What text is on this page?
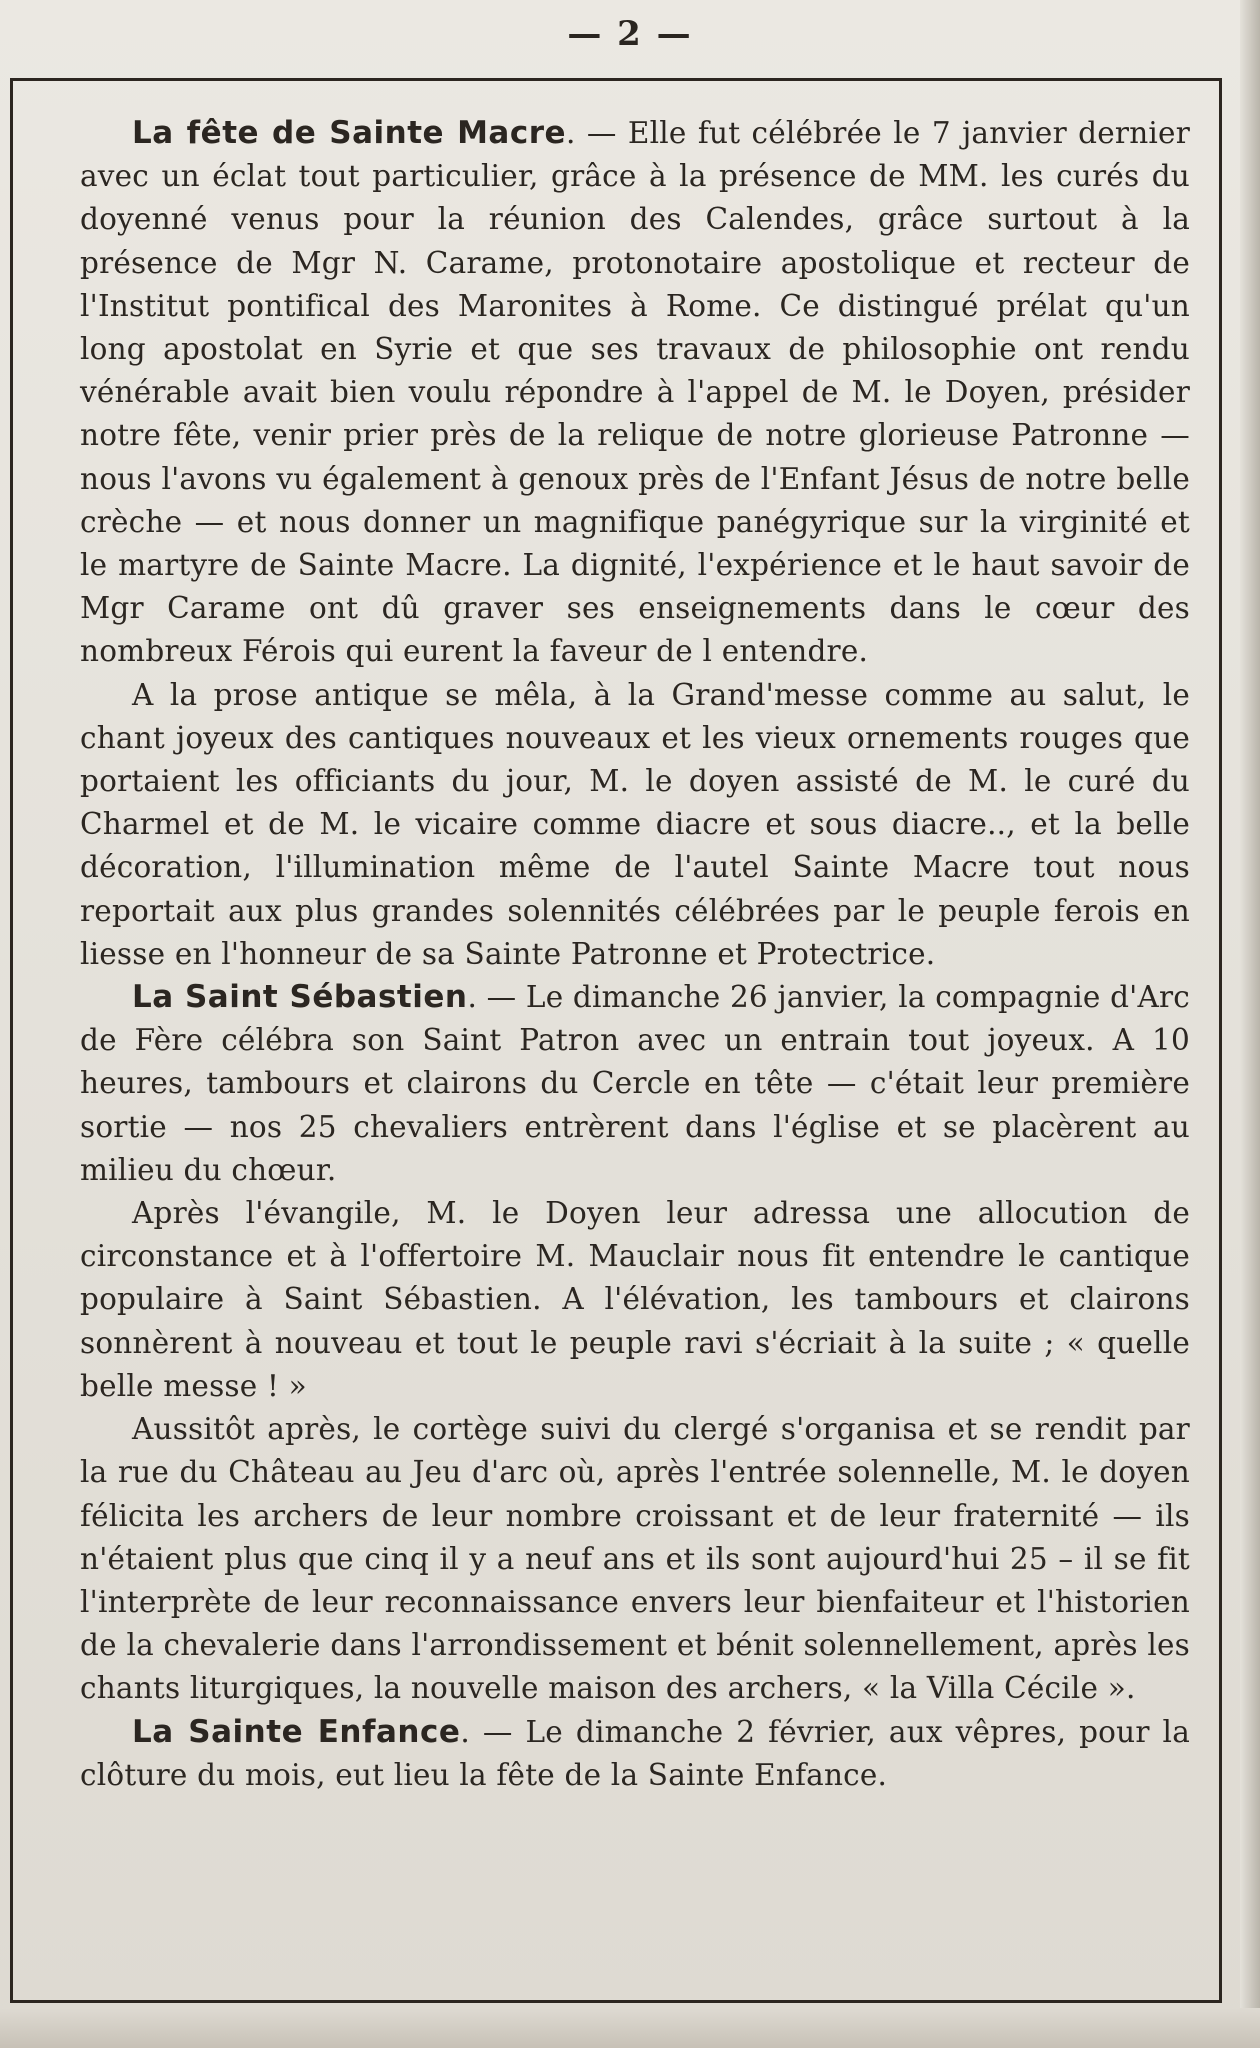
— 2 —

La fête de Sainte Macre. — Elle fut célébrée le 7 janvier dernier avec un éclat tout particulier, grâce à la présence de MM. les curés du doyenné venus pour la réunion des Calendes, grâce surtout à la présence de Mgr N. Carame, protonotaire apostolique et recteur de l'Institut pontifical des Maronites à Rome. Ce distingué prélat qu'un long apostolat en Syrie et que ses travaux de philosophie ont rendu vénérable avait bien voulu répondre à l'appel de M. le Doyen, présider notre fête, venir prier près de la relique de notre glorieuse Patronne — nous l'avons vu également à genoux près de l'Enfant Jésus de notre belle crèche — et nous donner un magnifique panégyrique sur la virginité et le martyre de Sainte Macre. La dignité, l'expérience et le haut savoir de Mgr Carame ont dû graver ses enseignements dans le cœur des nombreux Férois qui eurent la faveur de l entendre.

A la prose antique se mêla, à la Grand'messe comme au salut, le chant joyeux des cantiques nouveaux et les vieux ornements rouges que portaient les officiants du jour, M. le doyen assisté de M. le curé du Charmel et de M. le vicaire comme diacre et sous diacre.., et la belle décoration, l'illumination même de l'autel Sainte Macre tout nous reportait aux plus grandes solennités célébrées par le peuple ferois en liesse en l'honneur de sa Sainte Patronne et Protectrice.

La Saint Sébastien. — Le dimanche 26 janvier, la compagnie d'Arc de Fère célébra son Saint Patron avec un entrain tout joyeux. A 10 heures, tambours et clairons du Cercle en tête — c'était leur première sortie — nos 25 chevaliers entrèrent dans l'église et se placèrent au milieu du chœur.

Après l'évangile, M. le Doyen leur adressa une allocution de circonstance et à l'offertoire M. Mauclair nous fit entendre le cantique populaire à Saint Sébastien. A l'élévation, les tambours et clairons sonnèrent à nouveau et tout le peuple ravi s'écriait à la suite ; « quelle belle messe ! »

Aussitôt après, le cortège suivi du clergé s'organisa et se rendit par la rue du Château au Jeu d'arc où, après l'entrée solennelle, M. le doyen félicita les archers de leur nombre croissant et de leur fraternité — ils n'étaient plus que cinq il y a neuf ans et ils sont aujourd'hui 25 – il se fit l'interprète de leur reconnaissance envers leur bienfaiteur et l'historien de la chevalerie dans l'arrondissement et bénit solennellement, après les chants liturgiques, la nouvelle maison des archers, « la Villa Cécile ».

La Sainte Enfance. — Le dimanche 2 février, aux vêpres, pour la clôture du mois, eut lieu la fête de la Sainte Enfance.
